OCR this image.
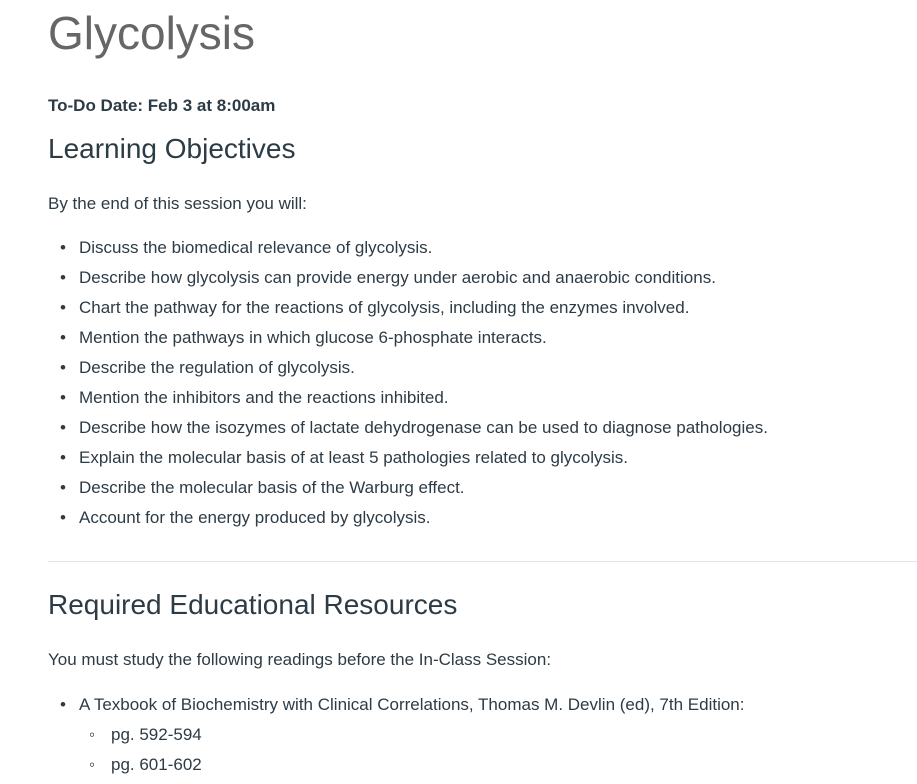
Glycolysis
To-Do Date: Feb 3 at 8:00am
Learning Objectives

By the end of this session you will:

• Discuss the biomedical relevance of glycolysis.
• Describe how glycolysis can provide energy under aerobic and anaerobic conditions.
• Chart the pathway for the reactions of glycolysis, including the enzymes involved.
• Mention the pathways in which glucose 6-phosphate interacts.
• Describe the regulation of glycolysis.
• Mention the inhibitors and the reactions inhibited.
• Describe how the isozymes of lactate dehydrogenase can be used to diagnose pathologies.
• Explain the molecular basis of at least 5 pathologies related to glycolysis.
• Describe the molecular basis of the Warburg effect.
• Account for the energy produced by glycolysis.
Required Educational Resources

You must study the following readings before the In-Class Session:

• A Texbook of Biochemistry with Clinical Correlations, Thomas M. Devlin (ed), 7th Edition:
◦ pg. 592-594
◦ pg. 601-602
